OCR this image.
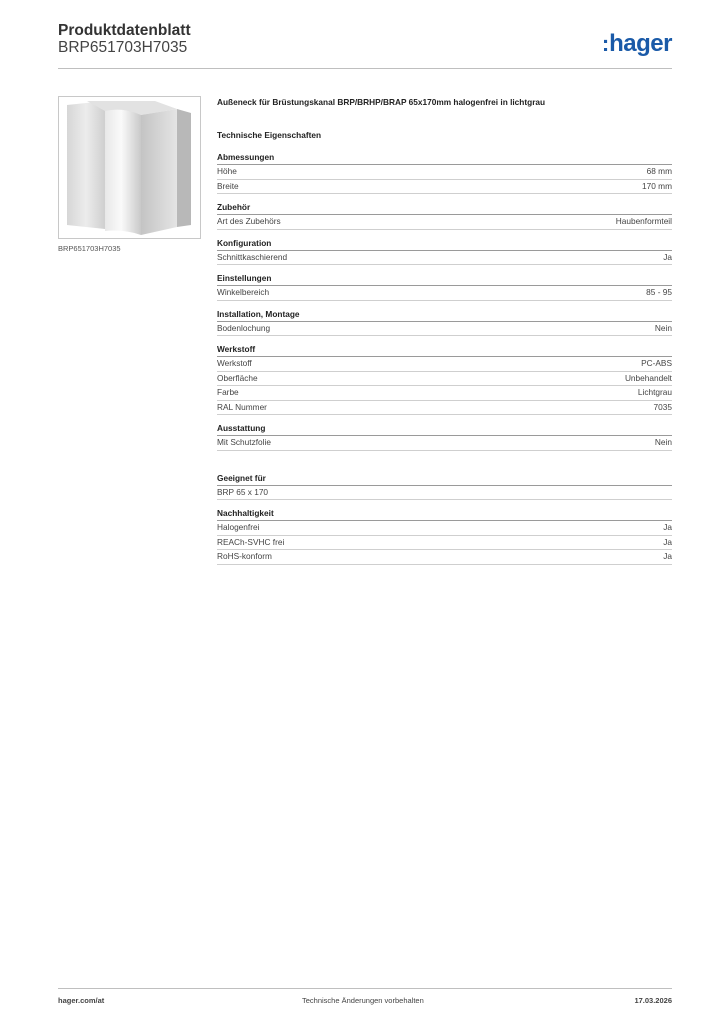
Produktdatenblatt
BRP651703H7035	:hager
BRP651703H7035
Außeneck für Brüstungskanal BRP/BRHP/BRAP 65x170mm halogenfrei in lichtgrau
Technische Eigenschaften
Abmessungen
Höhe	68 mm
Breite	170 mm
Zubehör
Art des Zubehörs	Haubenformteil
Konfiguration
Schnittkaschierend	Ja
Einstellungen
Winkelbereich	85 - 95
Installation, Montage
Bodenlochung	Nein
Werkstoff
Werkstoff	PC-ABS
Oberfläche	Unbehandelt
Farbe	Lichtgrau
RAL Nummer	7035
Ausstattung
Mit Schutzfolie	Nein
Geeignet für
BRP 65 x 170
Nachhaltigkeit
Halogenfrei	Ja
REACh-SVHC frei	Ja
RoHS-konform	Ja
hager.com/at	Technische Änderungen vorbehalten	17.03.2026
